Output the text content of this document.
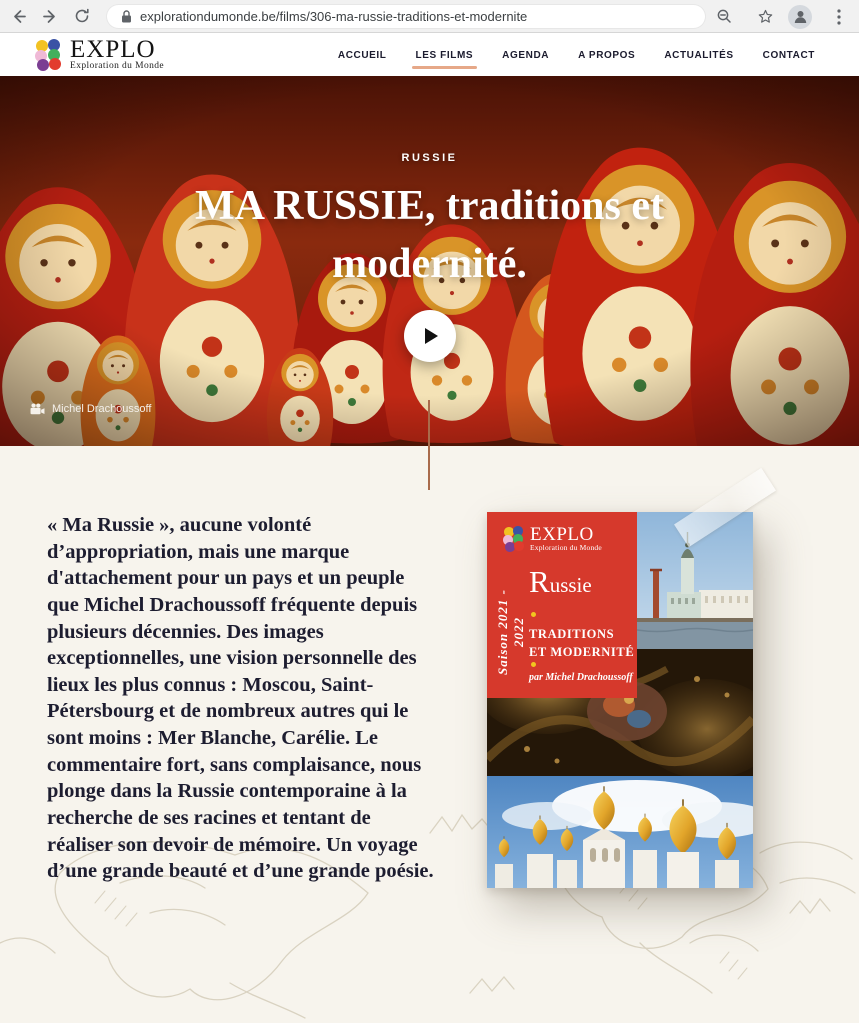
explorationdumonde.be/films/306-ma-russie-traditions-et-modernite
EXPLO
Exploration du Monde
ACCUEIL	LES FILMS	AGENDA	A PROPOS	ACTUALITÉS	CONTACT
RUSSIE
MA RUSSIE, traditions et modernité.
Michel Drachoussoff

« Ma Russie », aucune volonté d’appropriation, mais une marque d'attachement pour un pays et un peuple que Michel Drachoussoff fréquente depuis plusieurs décennies. Des images exceptionnelles, une vision personnelle des lieux les plus connus : Moscou, Saint-Pétersbourg et de nombreux autres qui le sont moins : Mer Blanche, Carélie. Le commentaire fort, sans complaisance, nous plonge dans la Russie contemporaine à la recherche de ses racines et tentant de réaliser son devoir de mémoire. Un voyage d’une grande beauté et d’une grande poésie.

EXPLO
Exploration du Monde
Saison 2021 - 2022
Russie
TRADITIONS
ET MODERNITÉ
par Michel Drachoussoff
